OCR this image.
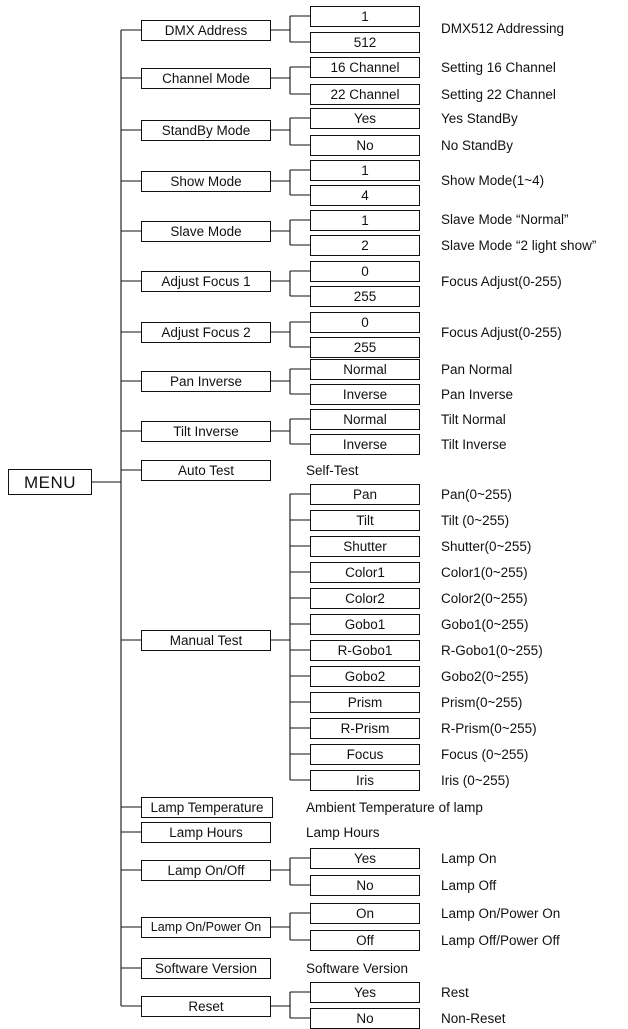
MENU
DMX Address
Channel Mode
StandBy Mode
Show Mode
Slave Mode
Adjust Focus 1
Adjust Focus 2
Pan Inverse
Tilt Inverse
Auto Test
Manual Test
Lamp Temperature
Lamp Hours
Lamp On/Off
Lamp On/Power On
Software Version
Reset
1
512
16 Channel
22 Channel
Yes
No
1
4
1
2
0
255
0
255
Normal
Inverse
Normal
Inverse
Pan
Tilt
Shutter
Color1
Color2
Gobo1
R-Gobo1
Gobo2
Prism
R-Prism
Focus
Iris
Yes
No
On
Off
Yes
No
DMX512 Addressing
Setting 16 Channel
Setting 22 Channel
Yes StandBy
No StandBy
Show Mode(1~4)
Slave Mode “Normal”
Slave Mode “2 light show”
Focus Adjust(0-255)
Focus Adjust(0-255)
Pan Normal
Pan Inverse
Tilt Normal
Tilt Inverse
Self-Test
Pan(0~255)
Tilt (0~255)
Shutter(0~255)
Color1(0~255)
Color2(0~255)
Gobo1(0~255)
R-Gobo1(0~255)
Gobo2(0~255)
Prism(0~255)
R-Prism(0~255)
Focus (0~255)
Iris (0~255)
Ambient Temperature of lamp
Lamp Hours
Lamp On
Lamp Off
Lamp On/Power On
Lamp Off/Power Off
Software Version
Rest
Non-Reset
